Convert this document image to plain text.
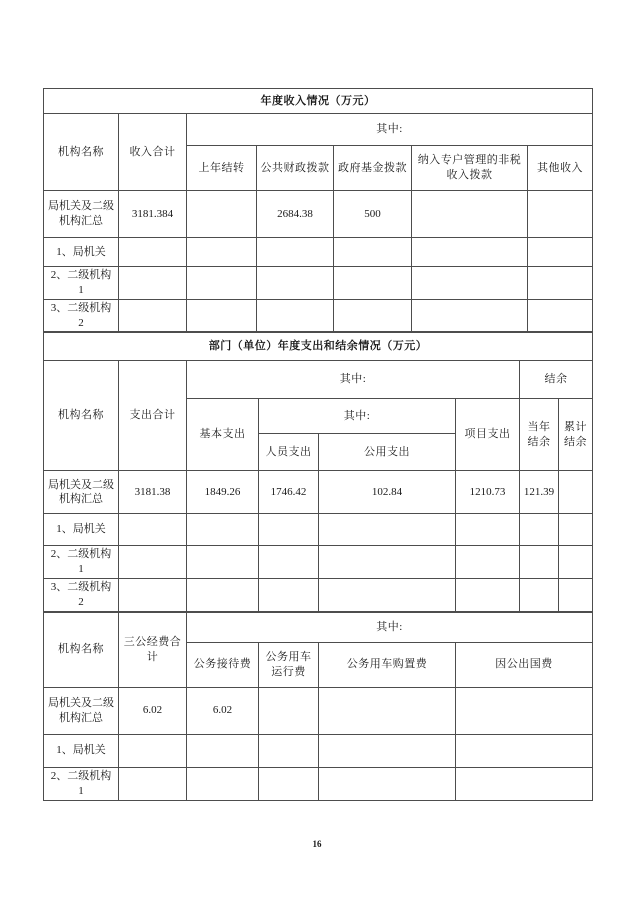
年度收入情况（万元）						
机构名称	收入合计	其中:				
		上年结转	公共财政拨款	政府基金拨款	纳入专户管理的非税收入拨款	其他收入
局机关及二级机构汇总	3181.384		2684.38	500		
1、局机关						
2、二级机构 1						
3、二级机构 2						
部门（单位）年度支出和结余情况（万元）							
机构名称	支出合计	其中:				结余	
		基本支出	其中:		项目支出	当年结余	累计结余
			人员支出	公用支出			
局机关及二级机构汇总	3181.38	1849.26	1746.42	102.84	1210.73	121.39	
1、局机关							
2、二级机构 1							
3、二级机构 2							
机构名称	三公经费合计	其中:			
		公务接待费	公务用车运行费	公务用车购置费	因公出国费
局机关及二级机构汇总	6.02	6.02			
1、局机关					
2、二级机构 1					
16
